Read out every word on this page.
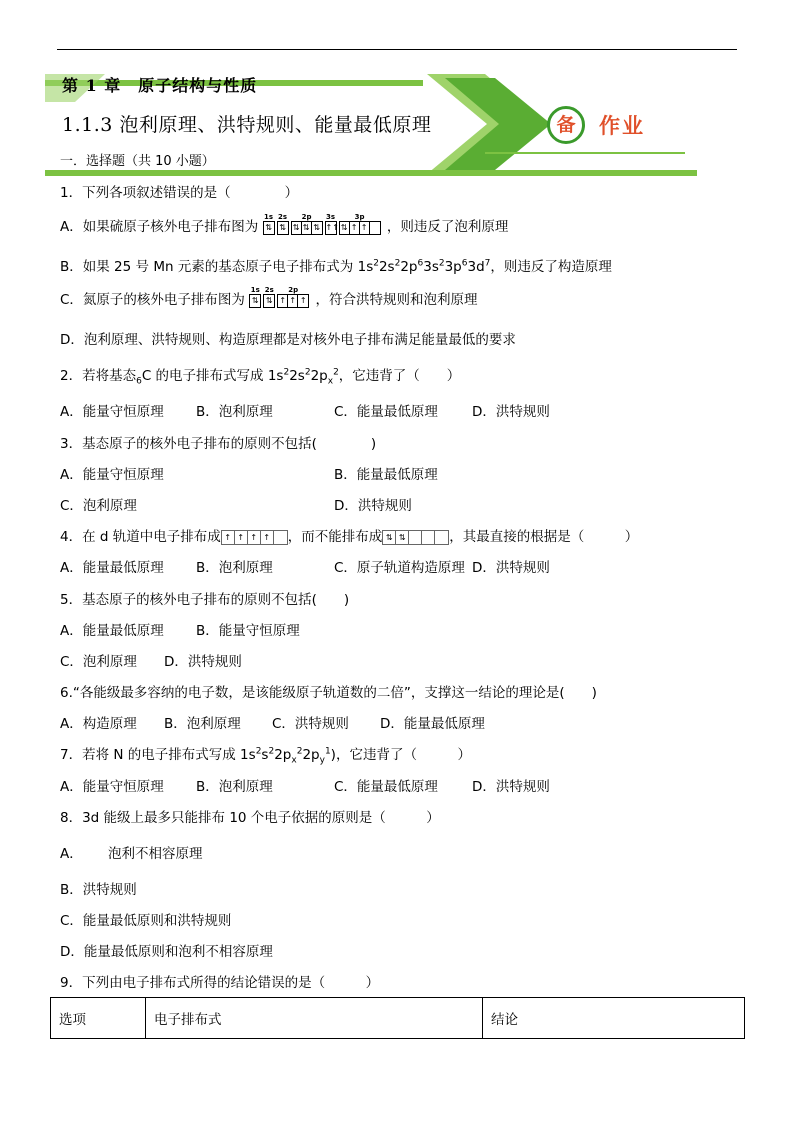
第 1 章　原子结构与性质
1.1.3 泡利原理、洪特规则、能量最低原理	备	作业
一．选择题（共 10 小题）
1．下列各项叙述错误的是（　　　　）
A．如果硫原子核外电子排布图为
1s
⇅
2s
⇅
2p
⇅ ⇅ ⇅
3s
↑↑
3p
⇅ ↑ ↑ ，则违反了泡利原理
B．如果 25 号 Mn 元素的基态原子电子排布式为 $1s^22s^22p^63s^23p^63d^7$，则违反了构造原理
C．氮原子的核外电子排布图为
1s
⇅
2s
⇅
2p
↑ ↑ ↑ ，符合洪特规则和泡利原理
D．泡利原理、洪特规则、构造原理都是对核外电子排布满足能量最低的要求
2．若将基态$_6$C 的电子排布式写成 $1s^22s^22p_x^2$，它违背了（　　）
A．能量守恒原理 B．泡利原理	C．能量最低原理	D．洪特规则
3．基态原子的核外电子排布的原则不包括(　　　　)
A．能量守恒原理	B．能量最低原理
C．泡利原理	D．洪特规则
4．在 d 轨道中电子排布成 ↑ ↑ ↑ ↑ ，而不能排布成 ⇅ ⇅	，其最直接的根据是（　　　）
A．能量最低原理 B．泡利原理	C．原子轨道构造原理 D．洪特规则
5．基态原子的核外电子排布的原则不包括(　　)
A．能量最低原理 B．能量守恒原理
C．泡利原理 D．洪特规则
6.“各能级最多容纳的电子数，是该能级原子轨道数的二倍”，支撑这一结论的理论是(　　)
A．构造原理 B．泡利原理 C．洪特规则 D．能量最低原理
7．若将 N 的电子排布式写成 $1s^2s^22p_x^22p_y^1$)，它违背了（　　　）
A．能量守恒原理 B．泡利原理	C．能量最低原理	D．洪特规则
8．3d 能级上最多只能排布 10 个电子依据的原则是（　　　）
A． 泡利不相容原理
B．洪特规则
C．能量最低原则和洪特规则
D．能量最低原则和泡利不相容原理
9．下列由电子排布式所得的结论错误的是（　　　）
选项	电子排布式	结论
